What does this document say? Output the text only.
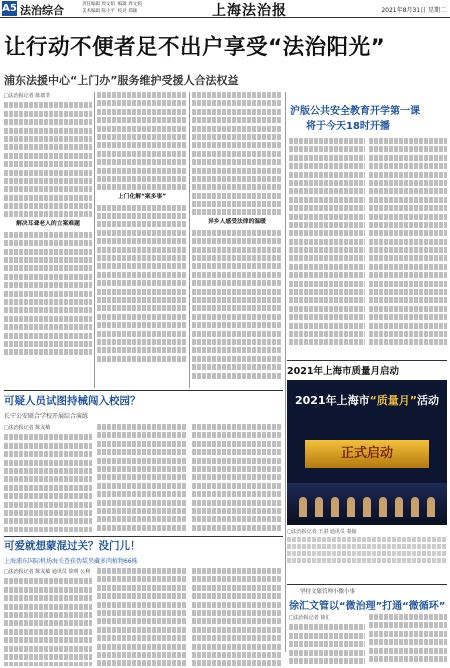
A5 法治综合	责任编辑 周文娟  编辑 周文娟
美术编辑 陈小平  校对 郑颖	上海法治报	2021年8月31日 星期二
让行动不便者足不出户享受“法治阳光”
浦东法援中心“上门办”服务维护受援人合法权益
□法治报记者 陈歆莘
解决耳聋老人的立案难题
上门化解“案多事”
异乡人感受法律的温暖
沪版公共安全教育开学第一课
将于今天18时开播
2021年上海市质量月启动
2021年上海市“质量月”活动
正式启动
□法治报记者 王湛 通讯员 秦翰
可疑人员试图持械闯入校园？
长宁公安联合学校开展综合演练
□法治报记者 陈友敏
可爱就想蒙混过关？没门儿！
上海浦东国际机场海关查获伪装夹藏多肉植物66株
□法治报记者 陈友敏 通讯员 徐明 公利
坚持文旅管理小微小事
徐汇文管以“微治理”打通“微循环”
□法治报记者 徐汇
